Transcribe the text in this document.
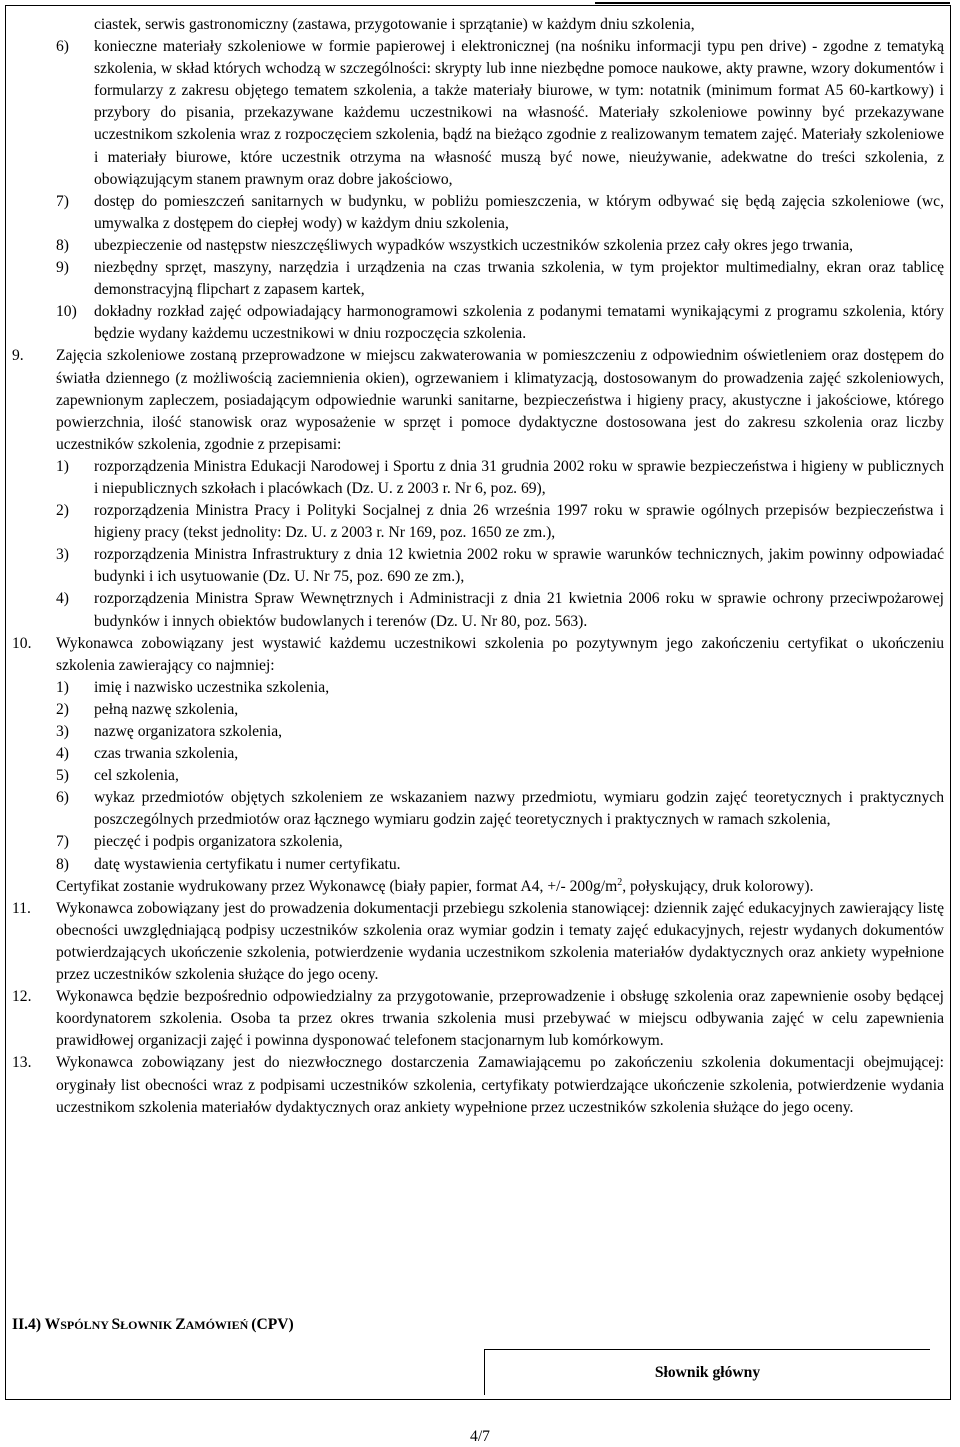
ciastek, serwis gastronomiczny (zastawa, przygotowanie i sprzątanie) w każdym dniu szkolenia,
6)	konieczne materiały szkoleniowe w formie papierowej i elektronicznej (na nośniku informacji typu pen drive) - zgodne z tematyką szkolenia, w skład których wchodzą w szczególności: skrypty lub inne niezbędne pomoce naukowe, akty prawne, wzory dokumentów i formularzy z zakresu objętego tematem szkolenia, a także materiały biurowe, w tym: notatnik (minimum format A5 60-kartkowy) i przybory do pisania, przekazywane każdemu uczestnikowi na własność. Materiały szkoleniowe powinny być przekazywane uczestnikom szkolenia wraz z rozpoczęciem szkolenia, bądź na bieżąco zgodnie z realizowanym tematem zajęć. Materiały szkoleniowe i materiały biurowe, które uczestnik otrzyma na własność muszą być nowe, nieużywanie, adekwatne do treści szkolenia, z obowiązującym stanem prawnym oraz dobre jakościowo,
7)	dostęp do pomieszczeń sanitarnych w budynku, w pobliżu pomieszczenia, w którym odbywać się będą zajęcia szkoleniowe (wc, umywalka z dostępem do ciepłej wody) w każdym dniu szkolenia,
8)	ubezpieczenie od następstw nieszczęśliwych wypadków wszystkich uczestników szkolenia przez cały okres jego trwania,
9)	niezbędny sprzęt, maszyny, narzędzia i urządzenia na czas trwania szkolenia, w tym projektor multimedialny, ekran oraz tablicę demonstracyjną flipchart z zapasem kartek,
10)	dokładny rozkład zajęć odpowiadający harmonogramowi szkolenia z podanymi tematami wynikającymi z programu szkolenia, który będzie wydany każdemu uczestnikowi w dniu rozpoczęcia szkolenia.
9.	Zajęcia szkoleniowe zostaną przeprowadzone w miejscu zakwaterowania w pomieszczeniu z odpowiednim oświetleniem oraz dostępem do światła dziennego (z możliwością zaciemnienia okien), ogrzewaniem i klimatyzacją, dostosowanym do prowadzenia zajęć szkoleniowych, zapewnionym zapleczem, posiadającym odpowiednie warunki sanitarne, bezpieczeństwa i higieny pracy, akustyczne i jakościowe, którego powierzchnia, ilość stanowisk oraz wyposażenie w sprzęt i pomoce dydaktyczne dostosowana jest do zakresu szkolenia oraz liczby uczestników szkolenia, zgodnie z przepisami:
1)	rozporządzenia Ministra Edukacji Narodowej i Sportu z dnia 31 grudnia 2002 roku w sprawie bezpieczeństwa i higieny w publicznych i niepublicznych szkołach i placówkach (Dz. U. z 2003 r. Nr 6, poz. 69),
2)	rozporządzenia Ministra Pracy i Polityki Socjalnej z dnia 26 września 1997 roku w sprawie ogólnych przepisów bezpieczeństwa i higieny pracy (tekst jednolity: Dz. U. z 2003 r. Nr 169, poz. 1650 ze zm.),
3)	rozporządzenia Ministra Infrastruktury z dnia 12 kwietnia 2002 roku w sprawie warunków technicznych, jakim powinny odpowiadać budynki i ich usytuowanie (Dz. U. Nr 75, poz. 690 ze zm.),
4)	rozporządzenia Ministra Spraw Wewnętrznych i Administracji z dnia 21 kwietnia 2006 roku w sprawie ochrony przeciwpożarowej budynków i innych obiektów budowlanych i terenów (Dz. U. Nr 80, poz. 563).
10.	Wykonawca zobowiązany jest wystawić każdemu uczestnikowi szkolenia po pozytywnym jego zakończeniu certyfikat o ukończeniu szkolenia zawierający co najmniej:
1)	imię i nazwisko uczestnika szkolenia,
2)	pełną nazwę szkolenia,
3)	nazwę organizatora szkolenia,
4)	czas trwania szkolenia,
5)	cel szkolenia,
6)	wykaz przedmiotów objętych szkoleniem ze wskazaniem nazwy przedmiotu, wymiaru godzin zajęć teoretycznych i praktycznych poszczególnych przedmiotów oraz łącznego wymiaru godzin zajęć teoretycznych i praktycznych w ramach szkolenia,
7)	pieczęć i podpis organizatora szkolenia,
8)	datę wystawienia certyfikatu i numer certyfikatu.
Certyfikat zostanie wydrukowany przez Wykonawcę (biały papier, format A4, +/- $200g/m^2$, połyskujący, druk kolorowy).
11.	Wykonawca zobowiązany jest do prowadzenia dokumentacji przebiegu szkolenia stanowiącej: dziennik zajęć edukacyjnych zawierający listę obecności uwzględniającą podpisy uczestników szkolenia oraz wymiar godzin i tematy zajęć edukacyjnych, rejestr wydanych dokumentów potwierdzających ukończenie szkolenia, potwierdzenie wydania uczestnikom szkolenia materiałów dydaktycznych oraz ankiety wypełnione przez uczestników szkolenia służące do jego oceny.
12.	Wykonawca będzie bezpośrednio odpowiedzialny za przygotowanie, przeprowadzenie i obsługę szkolenia oraz zapewnienie osoby będącej koordynatorem szkolenia. Osoba ta przez okres trwania szkolenia musi przebywać w miejscu odbywania zajęć w celu zapewnienia prawidłowej organizacji zajęć i powinna dysponować telefonem stacjonarnym lub komórkowym.
13.	Wykonawca zobowiązany jest do niezwłocznego dostarczenia Zamawiającemu po zakończeniu szkolenia dokumentacji obejmującej: oryginały list obecności wraz z podpisami uczestników szkolenia, certyfikaty potwierdzające ukończenie szkolenia, potwierdzenie wydania uczestnikom szkolenia materiałów dydaktycznych oraz ankiety wypełnione przez uczestników szkolenia służące do jego oceny.
II.4) WSPÓLNY SŁOWNIK ZAMÓWIEŃ (CPV)
Słownik główny
4/7
